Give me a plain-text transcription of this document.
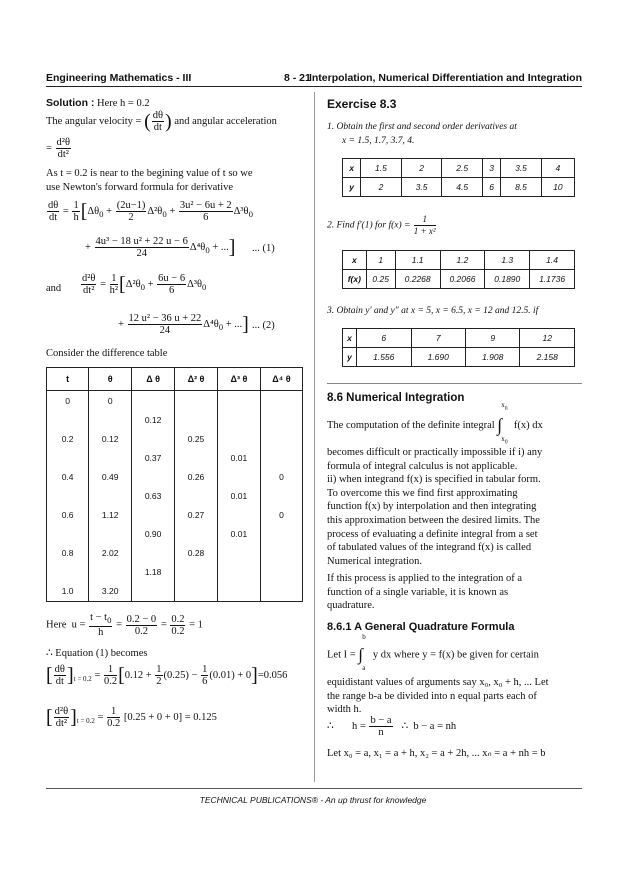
Engineering Mathematics - III	8 - 21
Interpolation, Numerical Differentiation and Integration
Solution : Here h = 0.2
The angular velocity = ( $\frac{d\theta}{dt}$ ) and angular acceleration
= $\frac{\text{d²θ}}{\text{dt²}}$
As t = 0.2 is near to the begining value of t so we
use Newton's forward formula for derivative
$\frac{d\theta}{dt} = \frac{1}{h} [\Delta\theta_0 + \frac{(2u-1)}{2} \Delta^2\theta_0 + \frac{\text{3u² − 6u + 2}}{6} \Delta^3\theta_0$
+ $\frac{\text{4u³ − 18 u² + 22 u − 6}}{24} \Delta^4\theta_0$ + ...] ... (1)
and $\frac{\text{d²θ}}{\text{dt²}} = \frac{1}{\text{h²}} [\Delta^2\theta_0 + \frac{6u - 6}{6} \Delta^3\theta_0$
+ $\frac{\text{12 u² − 36 u + 22}}{24} \Delta^4\theta_0$ + ...] ... (2)
Consider the difference table
t	θ	Δ θ	Δ² θ	Δ³ θ	Δ⁴ θ
0	0				
		0.12			
0.2	0.12		0.25		
		0.37		0.01	
0.4	0.49		0.26		0
		0.63		0.01	
0.6	1.12		0.27		0
		0.90		0.01	
0.8	2.02		0.28		
		1.18			
1.0	3.20				
Here  $u = \frac{t - t_0}{h} = \frac{0.2 - 0}{0.2} = \frac{0.2}{0.2} = 1$
∴ Equation (1) becomes
[ $\frac{d\theta}{dt} ]_{t = 0.2} = \frac{1}{0.2} [0.12 + \frac{1}{2} (0.25) - \frac{1}{6} (0.01) + 0]=0.056$
[ $\frac{\text{d²θ}}{\text{dt²}} ]_{t = 0.2} = \frac{1}{0.2} [0.25 + 0 + 0] = 0.125$
Exercise 8.3
1. Obtain the first and second order derivatives at
x = 1.5, 1.7, 3.7, 4.
x	1.5	2	2.5	3	3.5	4
y	2	3.5	4.5	6	8.5	10
2. Find f′(1) for $f(x) = \frac{1}{\text{1 + x²}}$
x	1	1.1	1.2	1.3	1.4
f(x)	0.25	0.2268	0.2066	0.1890	1.1736
3. Obtain y′ and y″ at x = 5, x = 6.5, x = 12 and 12.5. if
x	6	7	9	12
y	1.556	1.690	1.908	2.158
8.6 Numerical Integration
The computation of the definite integral
$x_n$
∫
$x_0$
f(x) dx
becomes difficult or practically impossible if i) any
formula of integral calculus is not applicable.
ii) when integrand f(x) is specified in tabular form.
To overcome this we find first approximating
function f(x) by interpolation and then integrating
this approximation between the desired limits. The
process of evaluating a definite integral from a set
of tabulated values of the integrand f(x) is called
Numerical integration.
If this process is applied to the integration of a
function of a single variable, it is known as
quadrature.
8.6.1 A General Quadrature Formula
Let I =
b
∫
a
y dx where y = f(x) be given for certain
equidistant values of arguments say x₀, x₀ + h, ... Let
the range b-a be divided into n equal parts each of
width h.
∴       $h = \frac{b - a}{n}$ ∴  b − a = nh
Let x₀ = a, x₁ = a + h, x₂ = a + 2h, ... xₙ = a + nh = b
TECHNICAL PUBLICATIONS® - An up thrust for knowledge
